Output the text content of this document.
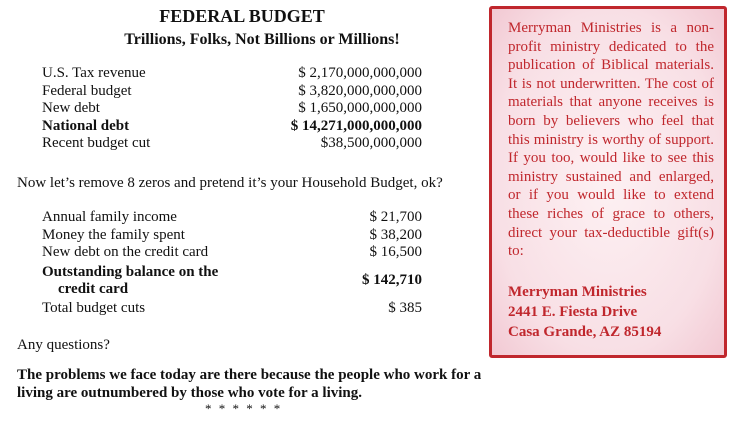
FEDERAL BUDGET
Trillions, Folks, Not Billions or Millions!
U.S. Tax revenue	$ 2,170,000,000,000
Federal budget	$ 3,820,000,000,000
New debt	$ 1,650,000,000,000
National debt	$ 14,271,000,000,000
Recent budget cut	$38,500,000,000
Now let’s remove 8 zeros and pretend it’s your Household Budget, ok?
Annual family income	$ 21,700
Money the family spent	$ 38,200
New debt on the credit card	$ 16,500
Outstanding balance on the
credit card
$ 142,710
Total budget cuts	$ 385
Any questions?
The problems we face today are there because the people who work for a living are outnumbered by those who vote for a living.
* * * * * *
Merryman Ministries is a non-profit ministry dedicated to the publication of Biblical materials. It is not underwritten. The cost of materials that anyone receives is born by believers who feel that this ministry is worthy of support. If you too, would like to see this ministry sustained and enlarged, or if you would like to extend these riches of grace to others, direct your tax-deductible gift(s) to:
Merryman Ministries
2441 E. Fiesta Drive
Casa Grande, AZ 85194
